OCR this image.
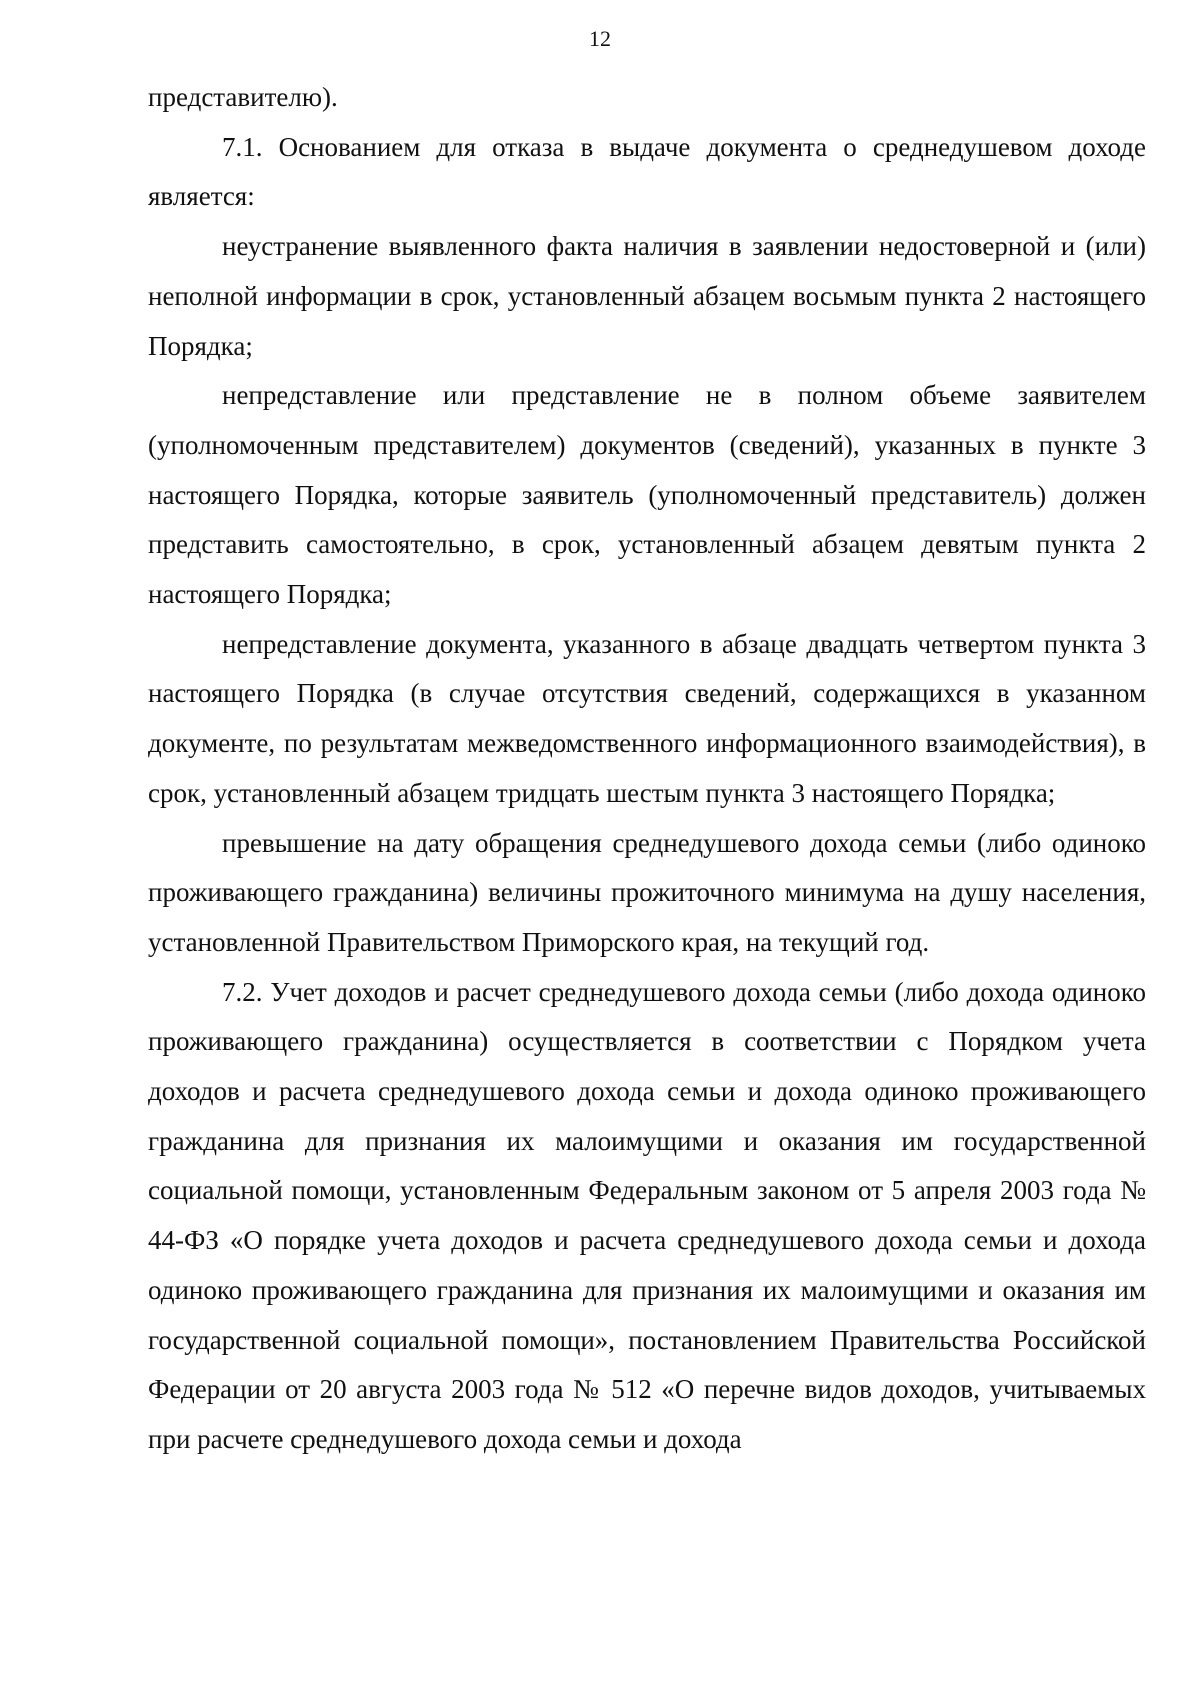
12

представителю).

7.1. Основанием для отказа в выдаче документа о среднедушевом доходе является:

неустранение выявленного факта наличия в заявлении недостоверной и (или) неполной информации в срок, установленный абзацем восьмым пункта 2 настоящего Порядка;

непредставление или представление не в полном объеме заявителем (уполномоченным представителем) документов (сведений), указанных в пункте 3 настоящего Порядка, которые заявитель (уполномоченный представитель) должен представить самостоятельно, в срок, установленный абзацем девятым пункта 2 настоящего Порядка;

непредставление документа, указанного в абзаце двадцать четвертом пункта 3 настоящего Порядка (в случае отсутствия сведений, содержащихся в указанном документе, по результатам межведомственного информационного взаимодействия), в срок, установленный абзацем тридцать шестым пункта 3 настоящего Порядка;

превышение на дату обращения среднедушевого дохода семьи (либо одиноко проживающего гражданина) величины прожиточного минимума на душу населения, установленной Правительством Приморского края, на текущий год.

7.2. Учет доходов и расчет среднедушевого дохода семьи (либо дохода одиноко проживающего гражданина) осуществляется в соответствии с Порядком учета доходов и расчета среднедушевого дохода семьи и дохода одиноко проживающего гражданина для признания их малоимущими и оказания им государственной социальной помощи, установленным Федеральным законом от 5 апреля 2003 года № 44-ФЗ «О порядке учета доходов и расчета среднедушевого дохода семьи и дохода одиноко проживающего гражданина для признания их малоимущими и оказания им государственной социальной помощи», постановлением Правительства Российской Федерации от 20 августа 2003 года № 512 «О перечне видов доходов, учитываемых при расчете среднедушевого дохода семьи и дохода
